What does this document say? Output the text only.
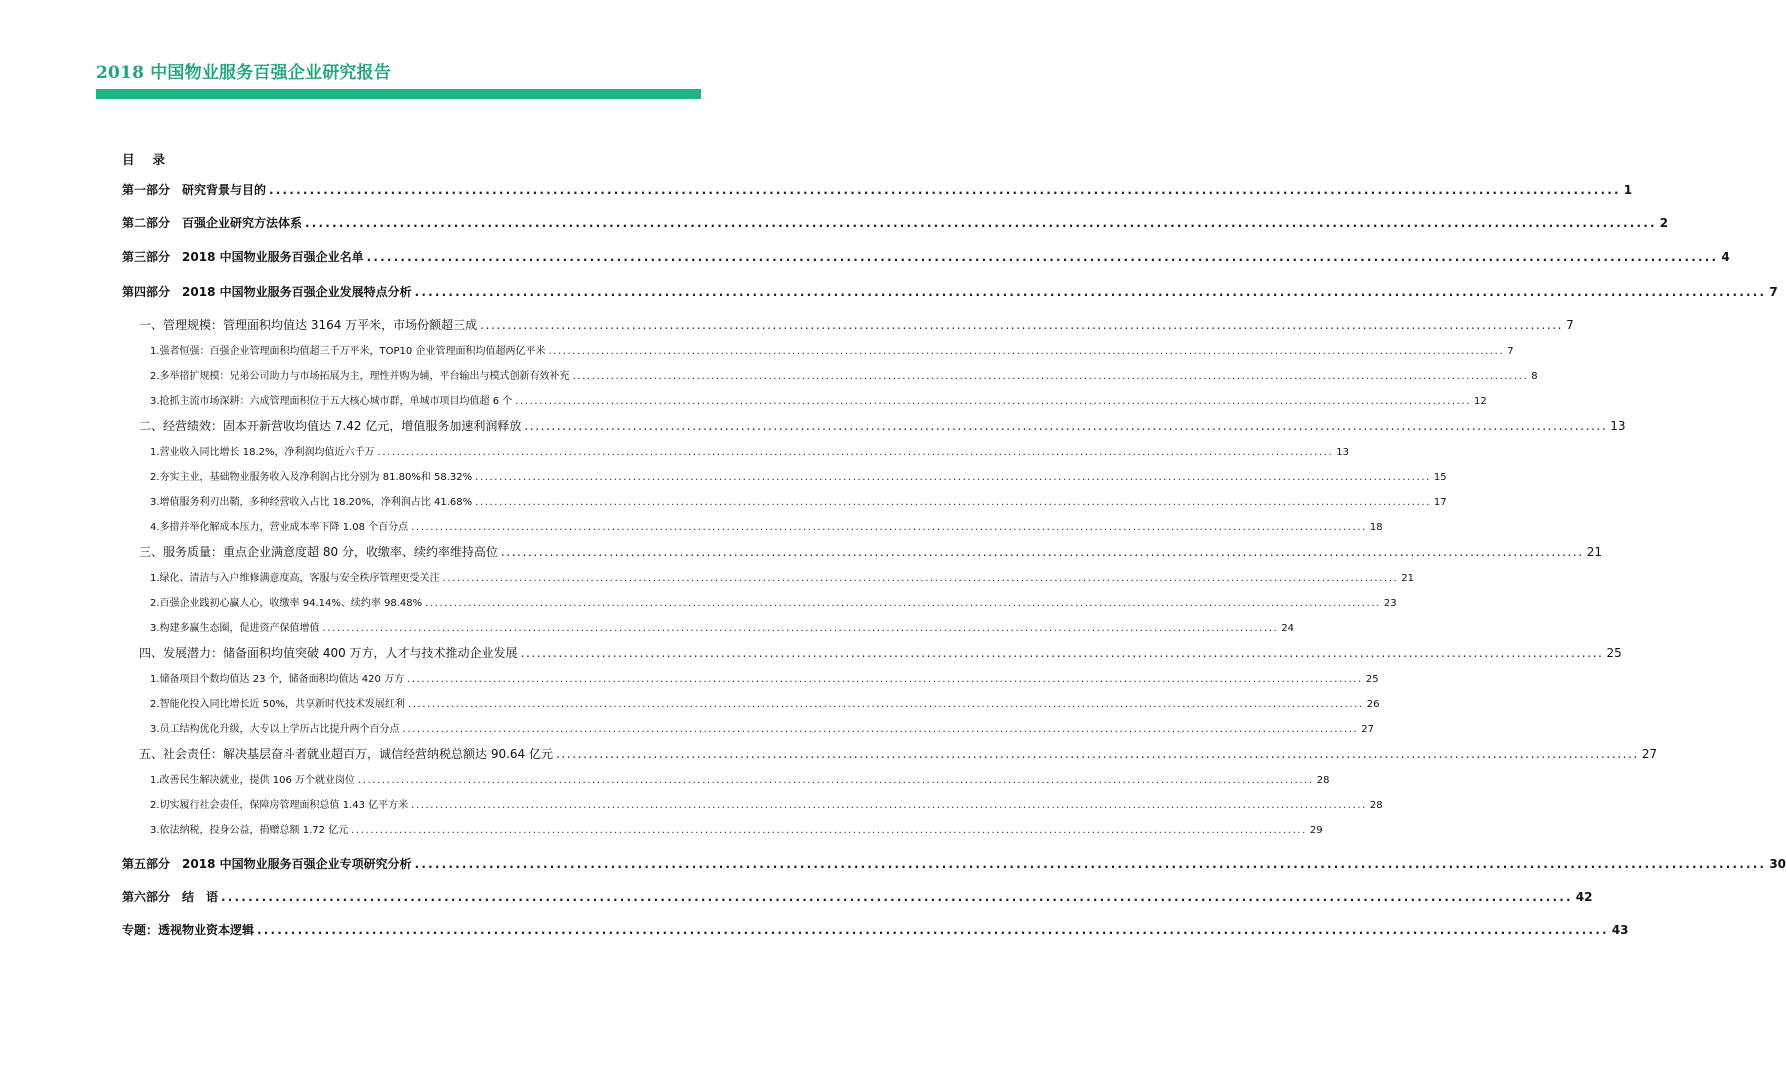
2018 中国物业服务百强企业研究报告
目 录
第一部分 研究背景与目的 ........................................................................................................................................................................................................ 1
第二部分 百强企业研究方法体系 ........................................................................................................................................................................................................ 2
第三部分 2018 中国物业服务百强企业名单 ........................................................................................................................................................................................................ 4
第四部分 2018 中国物业服务百强企业发展特点分析 ........................................................................................................................................................................................................ 7
一、管理规模：管理面积均值达 3164 万平米，市场份额超三成 ........................................................................................................................................................................................................ 7
1.强者恒强：百强企业管理面积均值超三千万平米，TOP10 企业管理面积均值超两亿平米 ........................................................................................................................................................................................................ 7
2.多举措扩规模：兄弟公司助力与市场拓展为主，理性并购为辅，平台输出与模式创新有效补充 ........................................................................................................................................................................................................ 8
3.抢抓主流市场深耕：六成管理面积位于五大核心城市群，单城市项目均值超 6 个 ........................................................................................................................................................................................................ 12
二、经营绩效：固本开新营收均值达 7.42 亿元，增值服务加速利润释放 ........................................................................................................................................................................................................ 13
1.营业收入同比增长 18.2%，净利润均值近六千万 ........................................................................................................................................................................................................ 13
2.夯实主业，基础物业服务收入及净利润占比分别为 81.80%和 58.32% ........................................................................................................................................................................................................ 15
3.增值服务利刃出鞘，多种经营收入占比 18.20%，净利润占比 41.68% ........................................................................................................................................................................................................ 17
4.多措并举化解成本压力，营业成本率下降 1.08 个百分点 ........................................................................................................................................................................................................ 18
三、服务质量：重点企业满意度超 80 分，收缴率、续约率维持高位 ........................................................................................................................................................................................................ 21
1.绿化、清洁与入户维修满意度高，客服与安全秩序管理更受关注 ........................................................................................................................................................................................................ 21
2.百强企业践初心赢人心，收缴率 94.14%、续约率 98.48% ........................................................................................................................................................................................................ 23
3.构建多赢生态圈，促进资产保值增值 ........................................................................................................................................................................................................ 24
四、发展潜力：储备面积均值突破 400 万方，人才与技术推动企业发展 ........................................................................................................................................................................................................ 25
1.储备项目个数均值达 23 个，储备面积均值达 420 万方 ........................................................................................................................................................................................................ 25
2.智能化投入同比增长近 50%，共享新时代技术发展红利 ........................................................................................................................................................................................................ 26
3.员工结构优化升级，大专以上学历占比提升两个百分点 ........................................................................................................................................................................................................ 27
五、社会责任：解决基层奋斗者就业超百万，诚信经营纳税总额达 90.64 亿元 ........................................................................................................................................................................................................ 27
1.改善民生解决就业，提供 106 万个就业岗位 ........................................................................................................................................................................................................ 28
2.切实履行社会责任，保障房管理面积总值 1.43 亿平方米 ........................................................................................................................................................................................................ 28
3.依法纳税，投身公益，捐赠总额 1.72 亿元 ........................................................................................................................................................................................................ 29
第五部分 2018 中国物业服务百强企业专项研究分析 ........................................................................................................................................................................................................ 30
第六部分 结　语 ........................................................................................................................................................................................................ 42
专题：透视物业资本逻辑 ........................................................................................................................................................................................................ 43
